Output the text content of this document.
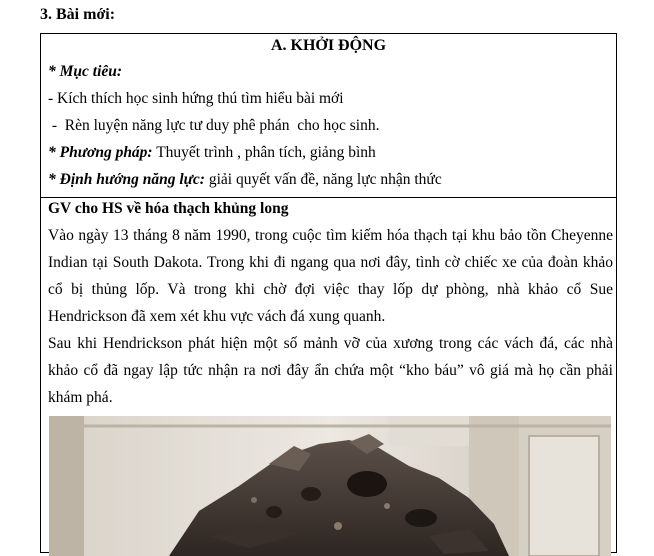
3. Bài mới:
A. KHỞI ĐỘNG
* Mục tiêu:
- Kích thích học sinh hứng thú tìm hiểu bài mới
-  Rèn luyện năng lực tư duy phê phán  cho học sinh.
* Phương pháp: Thuyết trình , phân tích, giảng bình
* Định hướng năng lực: giải quyết vấn đề, năng lực nhận thức
GV cho HS về hóa thạch khủng long
Vào ngày 13 tháng 8 năm 1990, trong cuộc tìm kiếm hóa thạch tại khu bảo tồn Cheyenne Indian tại South Dakota. Trong khi đi ngang qua nơi đây, tình cờ chiếc xe của đoàn khảo cổ bị thủng lốp. Và trong khi chờ đợi việc thay lốp dự phòng, nhà khảo cổ Sue Hendrickson đã xem xét khu vực vách đá xung quanh.
Sau khi Hendrickson phát hiện một số mảnh vỡ của xương trong các vách đá, các nhà khảo cổ đã ngay lập tức nhận ra nơi đây ẩn chứa một “kho báu” vô giá mà họ cần phải khám phá.
